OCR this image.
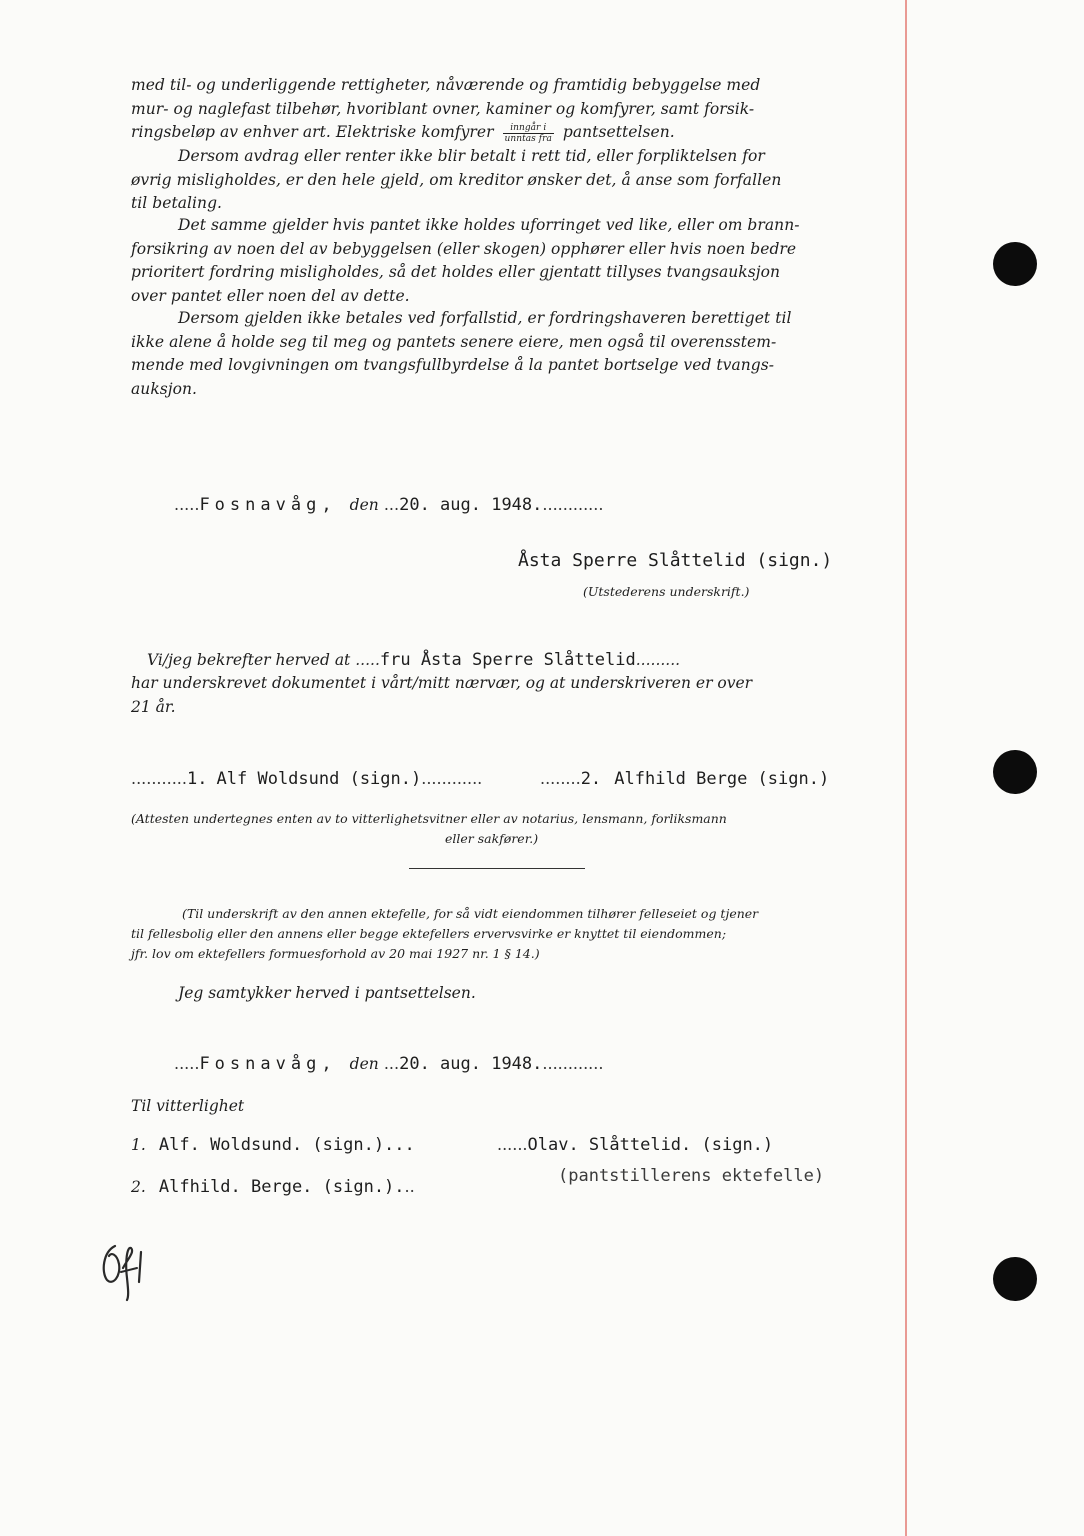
med til- og underliggende rettigheter, nåværende og framtidig bebyggelse med
mur- og naglefast tilbehør, hvoriblant ovner, kaminer og komfyrer, samt forsik-
ringsbeløp av enhver art. Elektriske komfyrer $\frac{\text{inngår i}}{\text{unntas fra}}$ pantsettelsen.
Dersom avdrag eller renter ikke blir betalt i rett tid, eller forpliktelsen for
øvrig misligholdes, er den hele gjeld, om kreditor ønsker det, å anse som forfallen
til betaling.
Det samme gjelder hvis pantet ikke holdes uforringet ved like, eller om brann-
forsikring av noen del av bebyggelsen (eller skogen) opphører eller hvis noen bedre
prioritert fordring misligholdes, så det holdes eller gjentatt tillyses tvangsauksjon
over pantet eller noen del av dette.
Dersom gjelden ikke betales ved forfallstid, er fordringshaveren berettiget til
ikke alene å holde seg til meg og pantets senere eiere, men også til overensstem-
mende med lovgivningen om tvangsfullbyrdelse å la pantet bortselge ved tvangs-
auksjon.
.....Fosnavåg, den ...20. aug. 1948.............
Åsta Sperre Slåttelid (sign.)
(Utstederens underskrift.)
Vi/jeg bekrefter herved at .....fru Åsta Sperre Slåttelid.........
har underskrevet dokumentet i vårt/mitt nærvær, og at underskriveren er over
21 år.
...........1. Alf Woldsund (sign.)............	........2. Alfhild Berge (sign.)
(Attesten undertegnes enten av to vitterlighetsvitner eller av notarius, lensmann, forliksmann
eller sakfører.)
(Til underskrift av den annen ektefelle, for så vidt eiendommen tilhører felleseiet og tjener
til fellesbolig eller den annens eller begge ektefellers ervervsvirke er knyttet til eiendommen;
jfr. lov om ektefellers formuesforhold av 20 mai 1927 nr. 1 § 14.)
Jeg samtykker herved i pantsettelsen.
.....Fosnavåg, den ...20. aug. 1948.............
Til vitterlighet
1. Alf. Woldsund. (sign.)...	......Olav. Slåttelid. (sign.)
2. Alfhild. Berge. (sign.)...
(pantstillerens ektefelle)
